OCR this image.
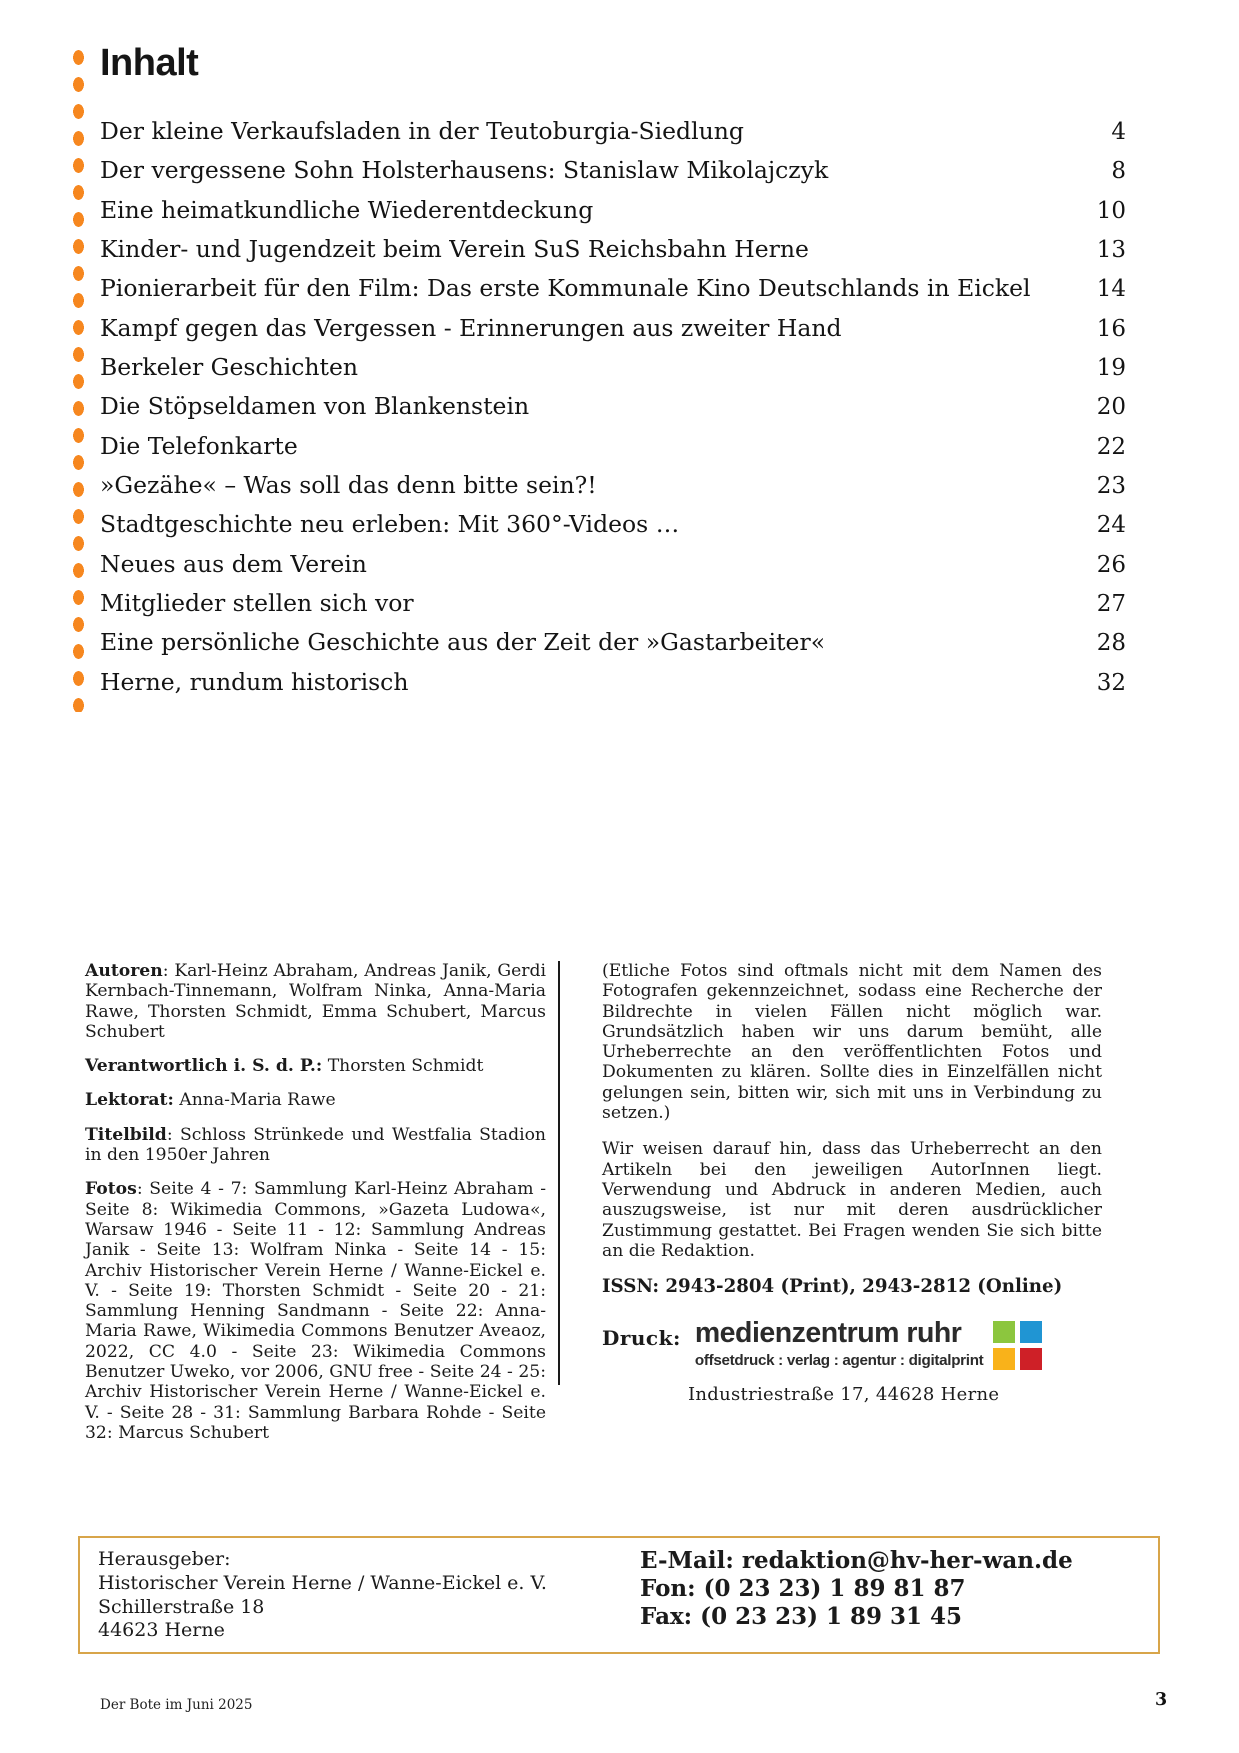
Inhalt
Der kleine Verkaufsladen in der Teutoburgia-Siedlung	4
Der vergessene Sohn Holsterhausens: Stanislaw Mikolajczyk	8
Eine heimatkundliche Wiederentdeckung	10
Kinder- und Jugendzeit beim Verein SuS Reichsbahn Herne	13
Pionierarbeit für den Film: Das erste Kommunale Kino Deutschlands in Eickel	14
Kampf gegen das Vergessen - Erinnerungen aus zweiter Hand	16
Berkeler Geschichten	19
Die Stöpseldamen von Blankenstein	20
Die Telefonkarte	22
»Gezähe« – Was soll das denn bitte sein?!	23
Stadtgeschichte neu erleben: Mit 360°-Videos …	24
Neues aus dem Verein	26
Mitglieder stellen sich vor	27
Eine persönliche Geschichte aus der Zeit der »Gastarbeiter«	28
Herne, rundum historisch	32

Autoren: Karl-Heinz Abraham, Andreas Janik, Gerdi Kernbach-Tinnemann, Wolfram Ninka, Anna-Maria Rawe, Thorsten Schmidt, Emma Schubert, Marcus Schubert

Verantwortlich i. S. d. P.: Thorsten Schmidt

Lektorat: Anna-Maria Rawe

Titelbild: Schloss Strünkede und Westfalia Stadion in den 1950er Jahren

Fotos: Seite 4 - 7: Sammlung Karl-Heinz Abraham - Seite 8: Wikimedia Commons, »Gazeta Ludowa«, Warsaw 1946 - Seite 11 - 12: Sammlung Andreas Janik - Seite 13: Wolfram Ninka - Seite 14 - 15: Archiv Historischer Verein Herne / Wanne-Eickel e. V. - Seite 19: Thorsten Schmidt - Seite 20 - 21: Sammlung Henning Sandmann - Seite 22: Anna-Maria Rawe, Wikimedia Commons Benutzer Aveaoz, 2022, CC 4.0 - Seite 23: Wikimedia Commons Benutzer Uweko, vor 2006, GNU free - Seite 24 - 25: Archiv Historischer Verein Herne / Wanne-Eickel e. V. - Seite 28 - 31: Sammlung Barbara Rohde - Seite 32: Marcus Schubert

(Etliche Fotos sind oftmals nicht mit dem Namen des Fotografen gekennzeichnet, sodass eine Recherche der Bildrechte in vielen Fällen nicht möglich war. Grundsätzlich haben wir uns darum bemüht, alle Urheberrechte an den veröffentlichten Fotos und Dokumenten zu klären. Sollte dies in Einzelfällen nicht gelungen sein, bitten wir, sich mit uns in Verbindung zu setzen.)

Wir weisen darauf hin, dass das Urheberrecht an den Artikeln bei den jeweiligen AutorInnen liegt. Verwendung und Abdruck in anderen Medien, auch auszugsweise, ist nur mit deren ausdrücklicher Zustimmung gestattet. Bei Fragen wenden Sie sich bitte an die Redaktion.

ISSN: 2943-2804 (Print), 2943-2812 (Online)

Druck: medienzentrum ruhr
offsetdruck : verlag : agentur : digitalprint

Industriestraße 17, 44628 Herne

Herausgeber:
Historischer Verein Herne / Wanne-Eickel e. V.
Schillerstraße 18
44623 Herne
E-Mail: redaktion@hv-her-wan.de
Fon: (0 23 23) 1 89 81 87
Fax: (0 23 23) 1 89 31 45
Der Bote im Juni 2025	3
